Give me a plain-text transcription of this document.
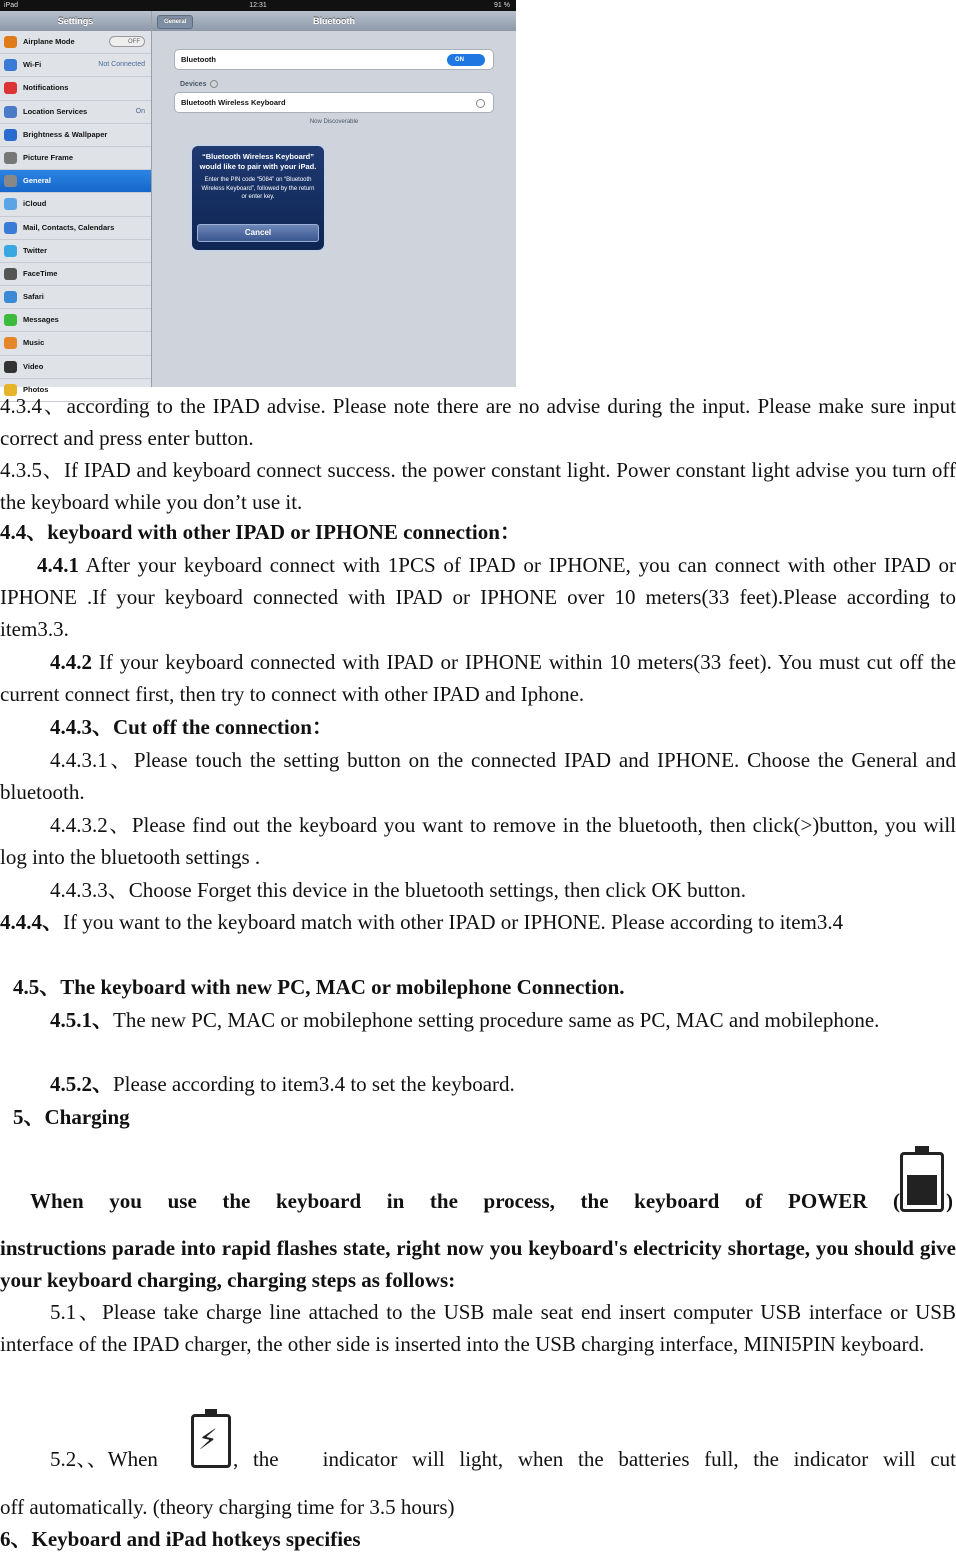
iPad	12:31	91 %
Settings
Airplane Mode	OFF
Wi-Fi	Not Connected
Notifications
Location Services	On
Brightness & Wallpaper
Picture Frame
General
iCloud
Mail, Contacts, Calendars
Twitter
FaceTime
Safari
Messages
Music
Video
Photos
General	Bluetooth
Bluetooth	ON
Devices
Bluetooth Wireless Keyboard
Now Discoverable
“Bluetooth Wireless Keyboard” would like to pair with your iPad.
Enter the PIN code “5084” on “Bluetooth Wireless Keyboard”, followed by the return or enter key.
Cancel
4.3.4、according to the IPAD advise. Please note there are no advise during the input. Please make sure input correct and press enter button.
4.3.5、If IPAD and keyboard connect success. the power constant light. Power constant light advise you turn off the keyboard while you don’t use it.
4.4、keyboard with other IPAD or IPHONE connection：
4.4.1 After your keyboard connect with 1PCS of IPAD or IPHONE, you can connect with other IPAD or IPHONE .If your keyboard connected with IPAD or IPHONE over 10 meters(33 feet).Please according to item3.3.
4.4.2 If your keyboard connected with IPAD or IPHONE within 10 meters(33 feet). You must cut off the current connect first, then try to connect with other IPAD and Iphone.
4.4.3、Cut off the connection：
4.4.3.1、Please touch the setting button on the connected IPAD and IPHONE. Choose the General and bluetooth.
4.4.3.2、Please find out the keyboard you want to remove in the bluetooth, then click(>)button, you will log into the bluetooth settings .
4.4.3.3、Choose Forget this device in the bluetooth settings, then click OK button.
4.4.4、If you want to the keyboard match with other IPAD or IPHONE. Please according to item3.4
4.5、The keyboard with new PC, MAC or mobilephone Connection.
4.5.1、The new PC, MAC or mobilephone setting procedure same as PC, MAC and mobilephone.
4.5.2、Please according to item3.4 to set the keyboard.
5、Charging
When you use the keyboard in the process, the keyboard of POWER ( )
instructions parade into rapid flashes state, right now you keyboard's electricity shortage, you should give your keyboard charging, charging steps as follows:
5.1、Please take charge line attached to the USB male seat end insert computer USB interface or USB interface of the IPAD charger, the other side is inserted into the USB charging interface, MINI5PIN keyboard.
5.2、、When
⚡
, the   indicator will light, when the batteries full, the indicator will cut
off automatically. (theory charging time for 3.5 hours)
6、Keyboard and iPad hotkeys specifies
